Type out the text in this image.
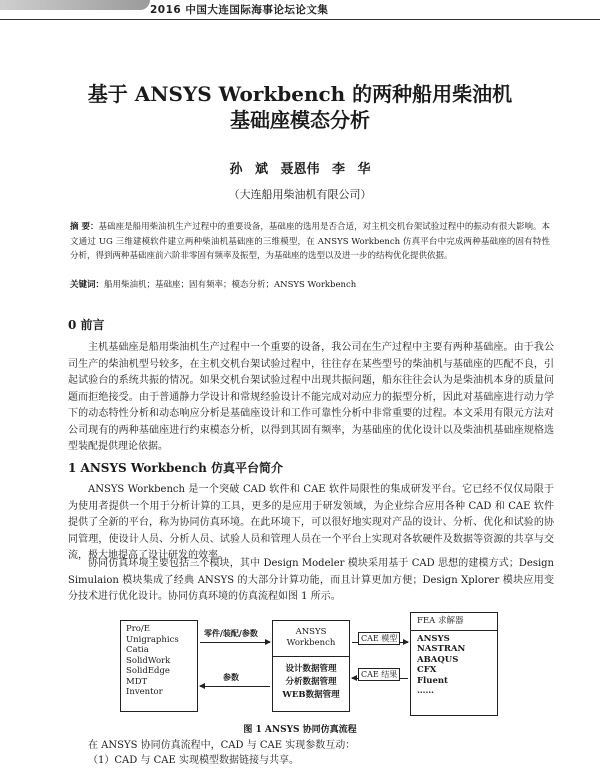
2016 中国大连国际海事论坛论文集
基于 ANSYS Workbench 的两种船用柴油机
基础座模态分析
孙 斌 聂恩伟 李 华
（大连船用柴油机有限公司）
摘 要：基础座是船用柴油机生产过程中的重要设备，基础座的选用是否合适，对主机交机台架试验过程中的振动有很大影响。本文通过 UG 三维建模软件建立两种柴油机基础座的三维模型，在 ANSYS Workbench 仿真平台中完成两种基础座的固有特性分析，得到两种基础座前六阶非零固有频率及振型，为基础座的选型以及进一步的结构优化提供依据。
关键词：船用柴油机；基础座；固有频率；模态分析；ANSYS Workbench
0 前言
主机基础座是船用柴油机生产过程中一个重要的设备，我公司在生产过程中主要有两种基础座。由于我公司生产的柴油机型号较多，在主机交机台架试验过程中，往往存在某些型号的柴油机与基础座的匹配不良，引起试验台的系统共振的情况。如果交机台架试验过程中出现共振问题，船东往往会认为是柴油机本身的质量问题而拒绝接受。由于普通静力学设计和常规经验设计不能完成对动应力的振型分析，因此对基础座进行动力学下的动态特性分析和动态响应分析是基础座设计和工作可靠性分析中非常重要的过程。本文采用有限元方法对公司现有的两种基础座进行约束模态分析，以得到其固有频率，为基础座的优化设计以及柴油机基础座规格选型装配提供理论依据。
1 ANSYS Workbench 仿真平台简介
ANSYS Workbench 是一个突破 CAD 软件和 CAE 软件局限性的集成研发平台。它已经不仅仅局限于为使用者提供一个用于分析计算的工具，更多的是应用于研发领域，为企业综合应用各种 CAD 和 CAE 软件提供了全新的平台，称为协同仿真环境。在此环境下，可以很好地实现对产品的设计、分析、优化和试验的协同管理，使设计人员、分析人员、试验人员和管理人员在一个平台上实现对各软硬件及数据等资源的共享与交流，极大地提高了设计研发的效率。
协同仿真环境主要包括三个模块，其中 Design Modeler 模块采用基于 CAD 思想的建模方式；Design Simulaion 模块集成了经典 ANSYS 的大部分计算功能，而且计算更加方便；Design Xplorer 模块应用变分技术进行优化设计。协同仿真环境的仿真流程如图 1 所示。
Pro/E
Unigraphics
Catia
SolidWork
SolidEdge
MDT
Inventor
零件/装配/参数
参数
ANSYS
Workbench
设计数据管理
分析数据管理
WEB数据管理
CAE 模型
CAE 结果
FEA 求解器
ANSYS
NASTRAN
ABAQUS
CFX
Fluent
……
图 1 ANSYS 协同仿真流程
在 ANSYS 协同仿真流程中，CAD 与 CAE 实现参数互动：
（1）CAD 与 CAE 实现模型数据链接与共享。
